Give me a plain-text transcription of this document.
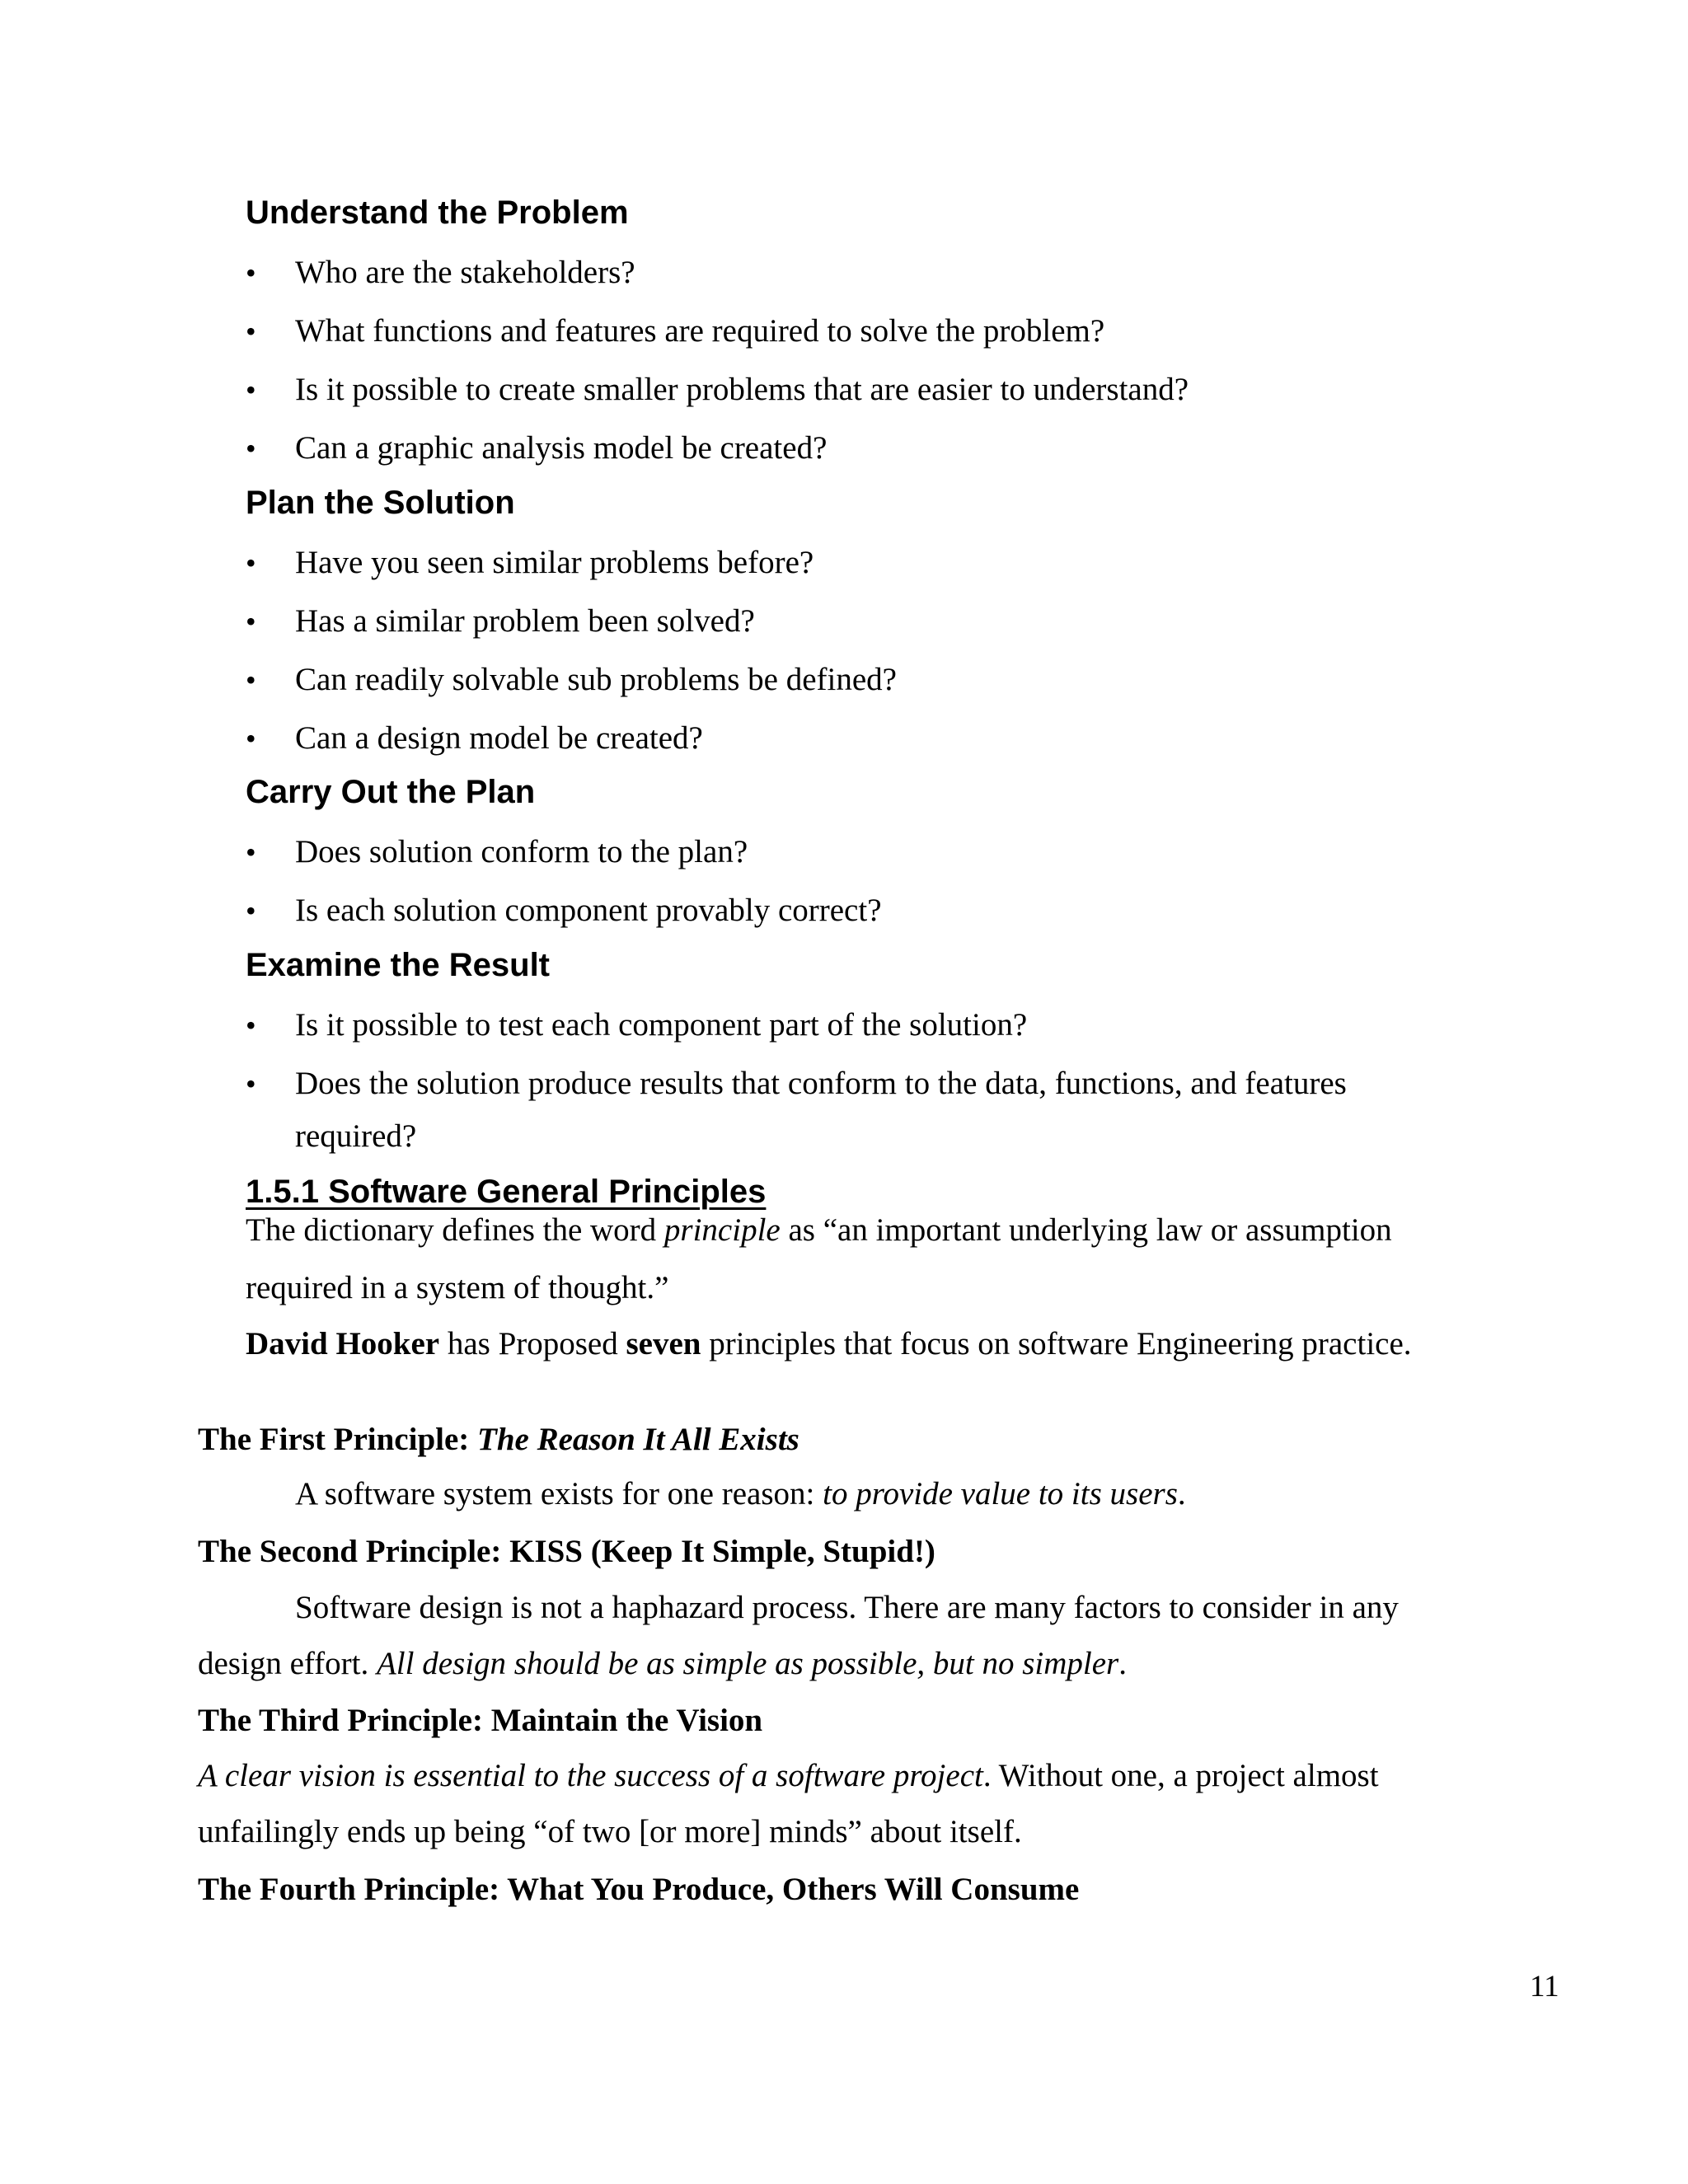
Understand the Problem
•	Who are the stakeholders?
•	What functions and features are required to solve the problem?
•	Is it possible to create smaller problems that are easier to understand?
•	Can a graphic analysis model be created?
Plan the Solution
•	Have you seen similar problems before?
•	Has a similar problem been solved?
•	Can readily solvable sub problems be defined?
•	Can a design model be created?
Carry Out the Plan
•	Does solution conform to the plan?
•	Is each solution component provably correct?
Examine the Result
•	Is it possible to test each component part of the solution?
•	Does the solution produce results that conform to the data, functions, and features
required?
1.5.1 Software General Principles
The dictionary defines the word principle as “an important underlying law or assumption
required in a system of thought.”
David Hooker has Proposed seven principles that focus on software Engineering practice.
The First Principle: The Reason It All Exists
A software system exists for one reason: to provide value to its users.
The Second Principle: KISS (Keep It Simple, Stupid!)
Software design is not a haphazard process. There are many factors to consider in any
design effort. All design should be as simple as possible, but no simpler.
The Third Principle: Maintain the Vision
A clear vision is essential to the success of a software project. Without one, a project almost
unfailingly ends up being “of two [or more] minds” about itself.
The Fourth Principle: What You Produce, Others Will Consume
11
